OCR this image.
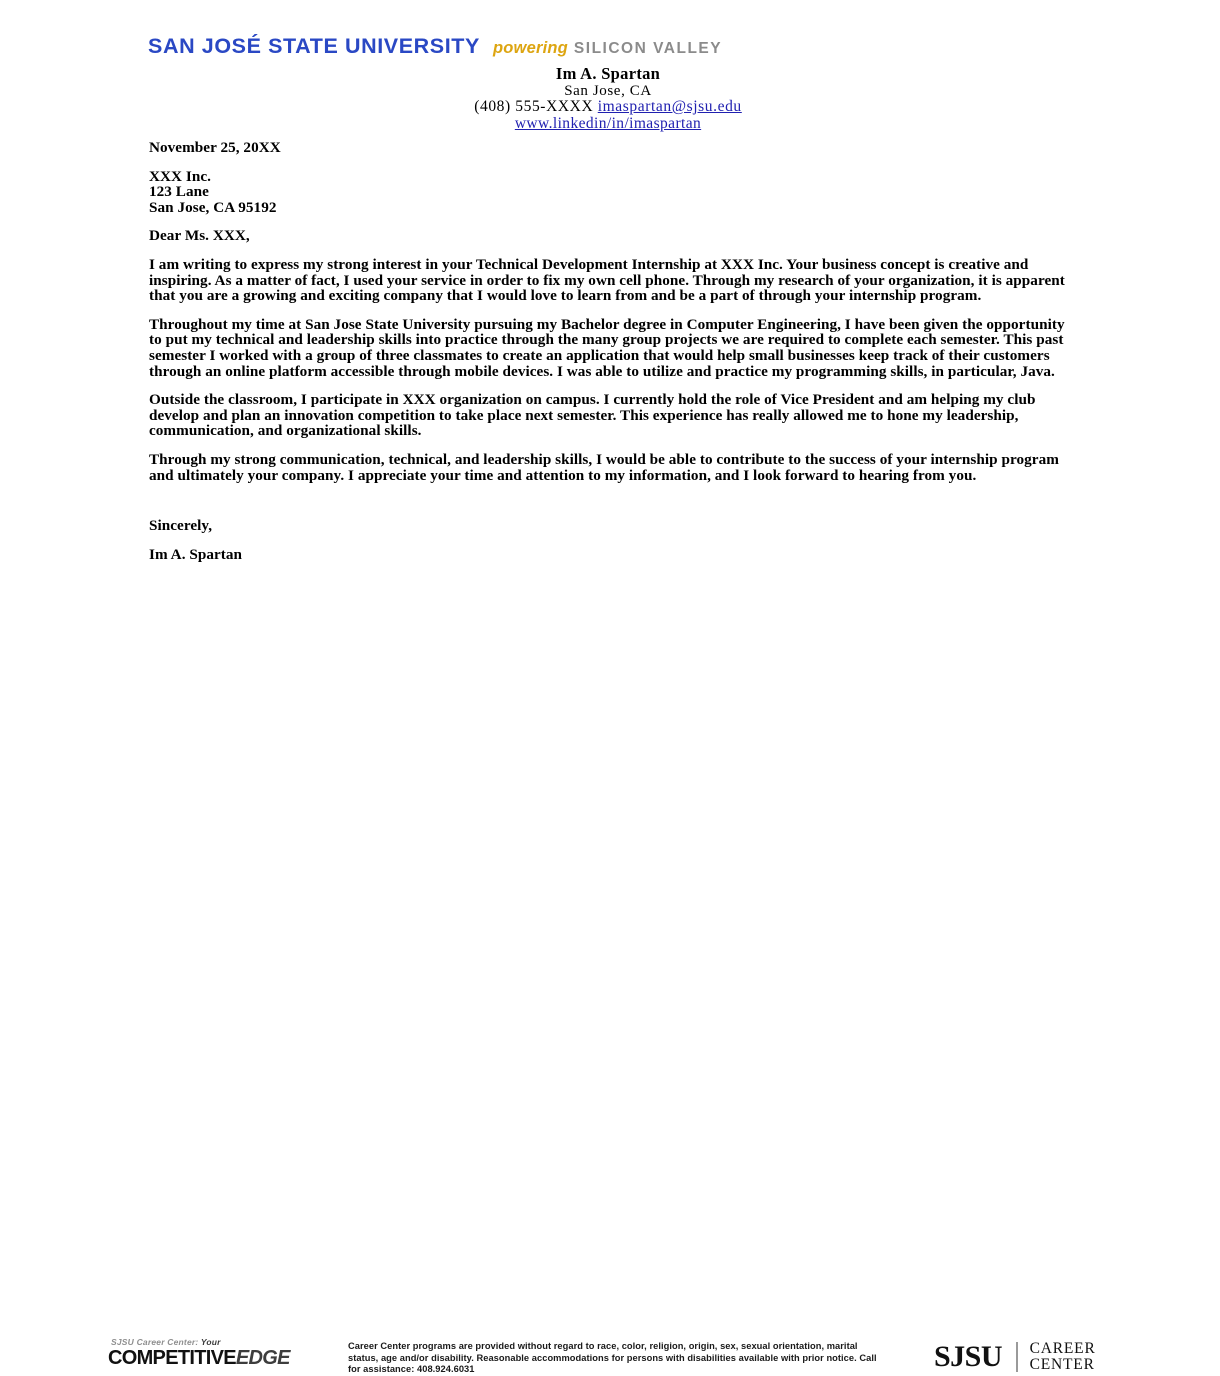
SAN JOSÉ STATE UNIVERSITY powering SILICON VALLEY
Im A. Spartan
San Jose, CA
(408) 555-XXXX imaspartan@sjsu.edu
www.linkedin/in/imaspartan
November 25, 20XX
XXX Inc.
123 Lane
San Jose, CA 95192
Dear Ms. XXX,
I am writing to express my strong interest in your Technical Development Internship at XXX Inc. Your business concept is creative and inspiring. As a matter of fact, I used your service in order to fix my own cell phone. Through my research of your organization, it is apparent that you are a growing and exciting company that I would love to learn from and be a part of through your internship program.
Throughout my time at San Jose State University pursuing my Bachelor degree in Computer Engineering, I have been given the opportunity to put my technical and leadership skills into practice through the many group projects we are required to complete each semester. This past semester I worked with a group of three classmates to create an application that would help small businesses keep track of their customers through an online platform accessible through mobile devices. I was able to utilize and practice my programming skills, in particular, Java.
Outside the classroom, I participate in XXX organization on campus. I currently hold the role of Vice President and am helping my club develop and plan an innovation competition to take place next semester. This experience has really allowed me to hone my leadership, communication, and organizational skills.
Through my strong communication, technical, and leadership skills, I would be able to contribute to the success of your internship program and ultimately your company. I appreciate your time and attention to my information, and I look forward to hearing from you.
Sincerely,
Im A. Spartan
SJSU Career Center: Your
COMPETITIVEEDGE
Career Center programs are provided without regard to race, color, religion, origin, sex, sexual orientation, marital status, age and/or disability. Reasonable accommodations for persons with disabilities available with prior notice. Call for assistance: 408.924.6031	SJSU CAREER
CENTER
